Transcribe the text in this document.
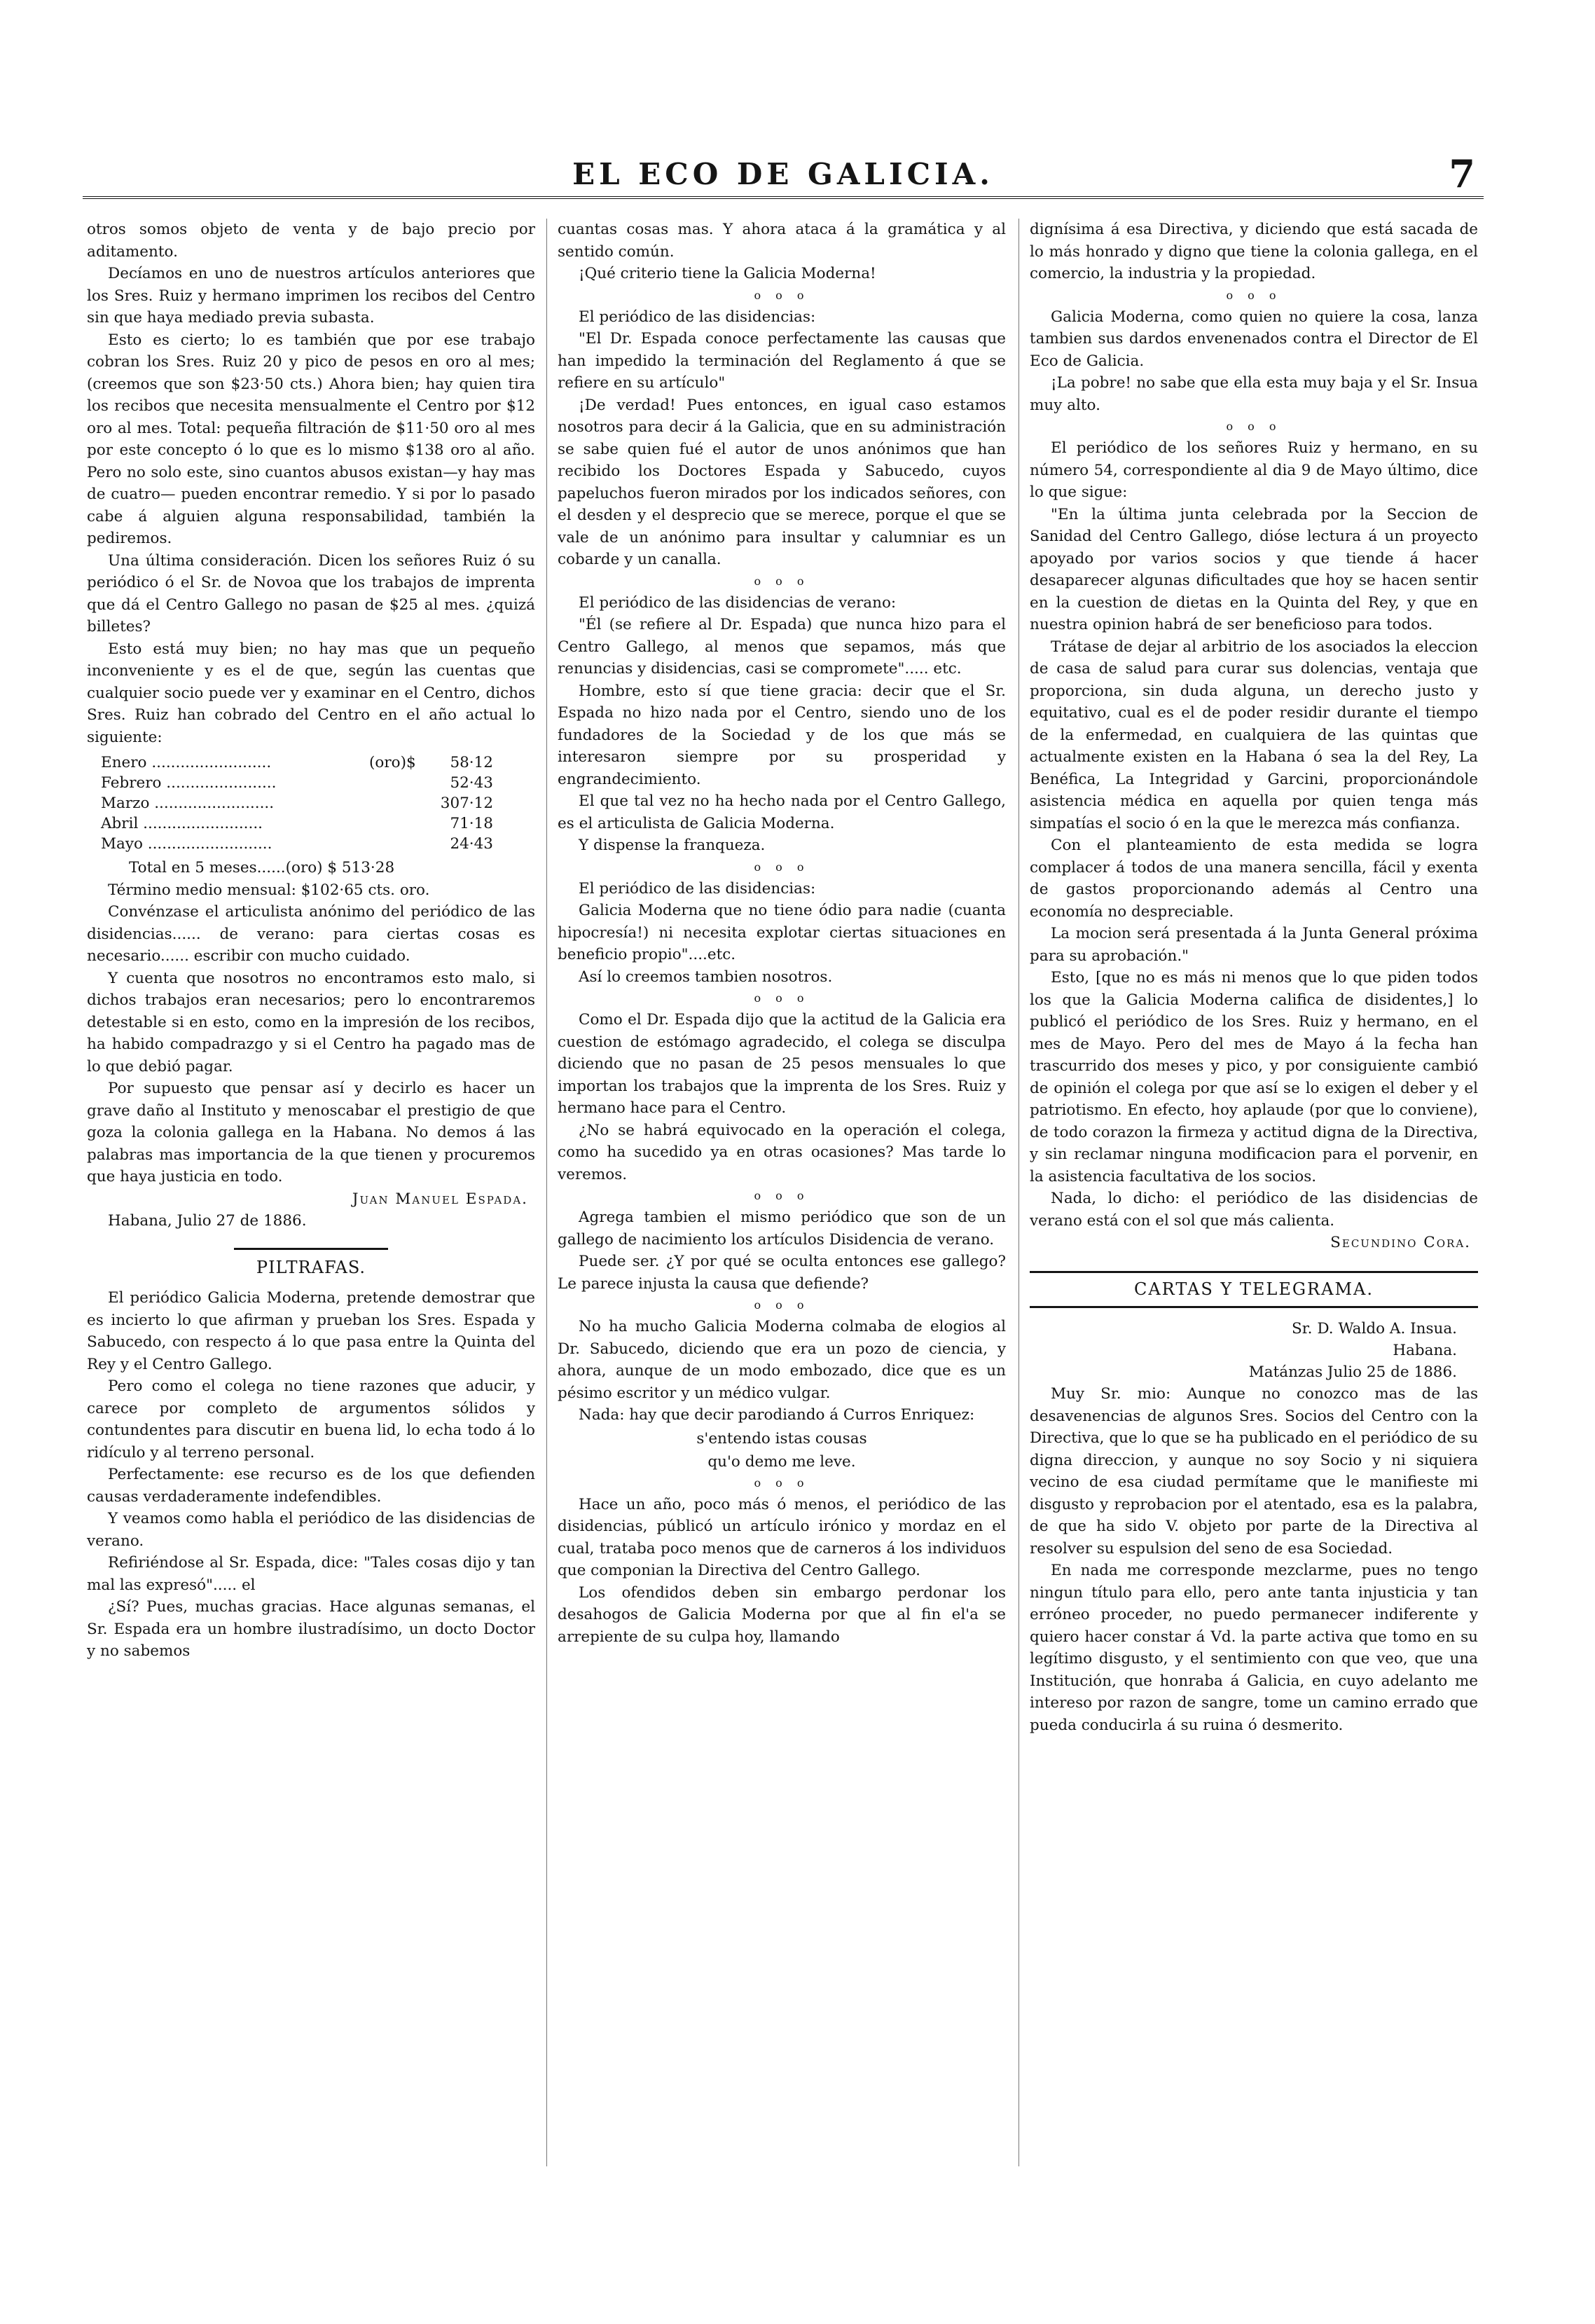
EL ECO DE GALICIA.	7

otros somos objeto de venta y de bajo precio por aditamento.

Decíamos en uno de nuestros artículos anteriores que los Sres. Ruiz y hermano imprimen los recibos del Centro sin que haya mediado previa subasta.

Esto es cierto; lo es también que por ese trabajo cobran los Sres. Ruiz 20 y pico de pesos en oro al mes; (creemos que son $23·50 cts.) Ahora bien; hay quien tira los recibos que necesita mensualmente el Centro por $12 oro al mes. Total: pequeña filtración de $11·50 oro al mes por este concepto ó lo que es lo mismo $138 oro al año. Pero no solo este, sino cuantos abusos existan—y hay mas de cuatro— pueden encontrar remedio. Y si por lo pasado cabe á alguien alguna responsabilidad, también la pediremos.

Una última consideración. Dicen los señores Ruiz ó su periódico ó el Sr. de Novoa que los trabajos de imprenta que dá el Centro Gallego no pasan de $25 al mes. ¿quizá billetes?

Esto está muy bien; no hay mas que un pequeño inconveniente y es el de que, según las cuentas que cualquier socio puede ver y examinar en el Centro, dichos Sres. Ruiz han cobrado del Centro en el año actual lo siguiente:

Enero .........................	(oro)	$	58·12
Febrero .......................			52·43
Marzo .........................			307·12
Abril .........................			71·18
Mayo ..........................			24·43
Total en 5 meses......(oro) $ 513·28

Término medio mensual: $102·65 cts. oro.

Convénzase el articulista anónimo del periódico de las disidencias...... de verano: para ciertas cosas es necesario...... escribir con mucho cuidado.

Y cuenta que nosotros no encontramos esto malo, si dichos trabajos eran necesarios; pero lo encontraremos detestable si en esto, como en la impresión de los recibos, ha habido compadrazgo y si el Centro ha pagado mas de lo que debió pagar.

Por supuesto que pensar así y decirlo es hacer un grave daño al Instituto y menoscabar el prestigio de que goza la colonia gallega en la Habana. No demos á las palabras mas importancia de la que tienen y procuremos que haya justicia en todo.

Juan Manuel Espada.

Habana, Julio 27 de 1886.

PILTRAFAS.

El periódico Galicia Moderna, pretende demostrar que es incierto lo que afirman y prueban los Sres. Espada y Sabucedo, con respecto á lo que pasa entre la Quinta del Rey y el Centro Gallego.

Pero como el colega no tiene razones que aducir, y carece por completo de argumentos sólidos y contundentes para discutir en buena lid, lo echa todo á lo ridículo y al terreno personal.

Perfectamente: ese recurso es de los que defienden causas verdaderamente indefendibles.

Y veamos como habla el periódico de las disidencias de verano.

Refiriéndose al Sr. Espada, dice: "Tales cosas dijo y tan mal las expresó"..... el

¿Sí? Pues, muchas gracias. Hace algunas semanas, el Sr. Espada era un hombre ilustradísimo, un docto Doctor y no sabemos

cuantas cosas mas. Y ahora ataca á la gramática y al sentido común.

¡Qué criterio tiene la Galicia Moderna!

o o o

El periódico de las disidencias:

"El Dr. Espada conoce perfectamente las causas que han impedido la terminación del Reglamento á que se refiere en su artículo"

¡De verdad! Pues entonces, en igual caso estamos nosotros para decir á la Galicia, que en su administración se sabe quien fué el autor de unos anónimos que han recibido los Doctores Espada y Sabucedo, cuyos papeluchos fueron mirados por los indicados señores, con el desden y el desprecio que se merece, porque el que se vale de un anónimo para insultar y calumniar es un cobarde y un canalla.

o o o

El periódico de las disidencias de verano:

"Él (se refiere al Dr. Espada) que nunca hizo para el Centro Gallego, al menos que sepamos, más que renuncias y disidencias, casi se compromete"..... etc.

Hombre, esto sí que tiene gracia: decir que el Sr. Espada no hizo nada por el Centro, siendo uno de los fundadores de la Sociedad y de los que más se interesaron siempre por su prosperidad y engrandecimiento.

El que tal vez no ha hecho nada por el Centro Gallego, es el articulista de Galicia Moderna.

Y dispense la franqueza.

o o o

El periódico de las disidencias:

Galicia Moderna que no tiene ódio para nadie (cuanta hipocresía!) ni necesita explotar ciertas situaciones en beneficio propio"....etc.

Así lo creemos tambien nosotros.

o o o

Como el Dr. Espada dijo que la actitud de la Galicia era cuestion de estómago agradecido, el colega se disculpa diciendo que no pasan de 25 pesos mensuales lo que importan los trabajos que la imprenta de los Sres. Ruiz y hermano hace para el Centro.

¿No se habrá equivocado en la operación el colega, como ha sucedido ya en otras ocasiones? Mas tarde lo veremos.

o o o

Agrega tambien el mismo periódico que son de un gallego de nacimiento los artículos Disidencia de verano.

Puede ser. ¿Y por qué se oculta entonces ese gallego? Le parece injusta la causa que defiende?

o o o

No ha mucho Galicia Moderna colmaba de elogios al Dr. Sabucedo, diciendo que era un pozo de ciencia, y ahora, aunque de un modo embozado, dice que es un pésimo escritor y un médico vulgar.

Nada: hay que decir parodiando á Curros Enriquez:

s'entendo istas cousas
qu'o demo me leve.
o o o

Hace un año, poco más ó menos, el periódico de las disidencias, públicó un artículo irónico y mordaz en el cual, trataba poco menos que de carneros á los individuos que componian la Directiva del Centro Gallego.

Los ofendidos deben sin embargo perdonar los desahogos de Galicia Moderna por que al fin el'a se arrepiente de su culpa hoy, llamando

dignísima á esa Directiva, y diciendo que está sacada de lo más honrado y digno que tiene la colonia gallega, en el comercio, la industria y la propiedad.

o o o

Galicia Moderna, como quien no quiere la cosa, lanza tambien sus dardos envenenados contra el Director de El Eco de Galicia.

¡La pobre! no sabe que ella esta muy baja y el Sr. Insua muy alto.

o o o

El periódico de los señores Ruiz y hermano, en su número 54, correspondiente al dia 9 de Mayo último, dice lo que sigue:

"En la última junta celebrada por la Seccion de Sanidad del Centro Gallego, dióse lectura á un proyecto apoyado por varios socios y que tiende á hacer desaparecer algunas dificultades que hoy se hacen sentir en la cuestion de dietas en la Quinta del Rey, y que en nuestra opinion habrá de ser beneficioso para todos.

Trátase de dejar al arbitrio de los asociados la eleccion de casa de salud para curar sus dolencias, ventaja que proporciona, sin duda alguna, un derecho justo y equitativo, cual es el de poder residir durante el tiempo de la enfermedad, en cualquiera de las quintas que actualmente existen en la Habana ó sea la del Rey, La Benéfica, La Integridad y Garcini, proporcionándole asistencia médica en aquella por quien tenga más simpatías el socio ó en la que le merezca más confianza.

Con el planteamiento de esta medida se logra complacer á todos de una manera sencilla, fácil y exenta de gastos proporcionando además al Centro una economía no despreciable.

La mocion será presentada á la Junta General próxima para su aprobación."

Esto, [que no es más ni menos que lo que piden todos los que la Galicia Moderna califica de disidentes,] lo publicó el periódico de los Sres. Ruiz y hermano, en el mes de Mayo. Pero del mes de Mayo á la fecha han trascurrido dos meses y pico, y por consiguiente cambió de opinión el colega por que así se lo exigen el deber y el patriotismo. En efecto, hoy aplaude (por que lo conviene), de todo corazon la firmeza y actitud digna de la Directiva, y sin reclamar ninguna modificacion para el porvenir, en la asistencia facultativa de los socios.

Nada, lo dicho: el periódico de las disidencias de verano está con el sol que más calienta.

Secundino Cora.
CARTAS Y TELEGRAMA.
Sr. D. Waldo A. Insua.
Habana.
Matánzas Julio 25 de 1886.

Muy Sr. mio: Aunque no conozco mas de las desavenencias de algunos Sres. Socios del Centro con la Directiva, que lo que se ha publicado en el periódico de su digna direccion, y aunque no soy Socio y ni siquiera vecino de esa ciudad permítame que le manifieste mi disgusto y reprobacion por el atentado, esa es la palabra, de que ha sido V. objeto por parte de la Directiva al resolver su espulsion del seno de esa Sociedad.

En nada me corresponde mezclarme, pues no tengo ningun título para ello, pero ante tanta injusticia y tan erróneo proceder, no puedo permanecer indiferente y quiero hacer constar á Vd. la parte activa que tomo en su legítimo disgusto, y el sentimiento con que veo, que una Institución, que honraba á Galicia, en cuyo adelanto me intereso por razon de sangre, tome un camino errado que pueda conducirla á su ruina ó desmerito.
